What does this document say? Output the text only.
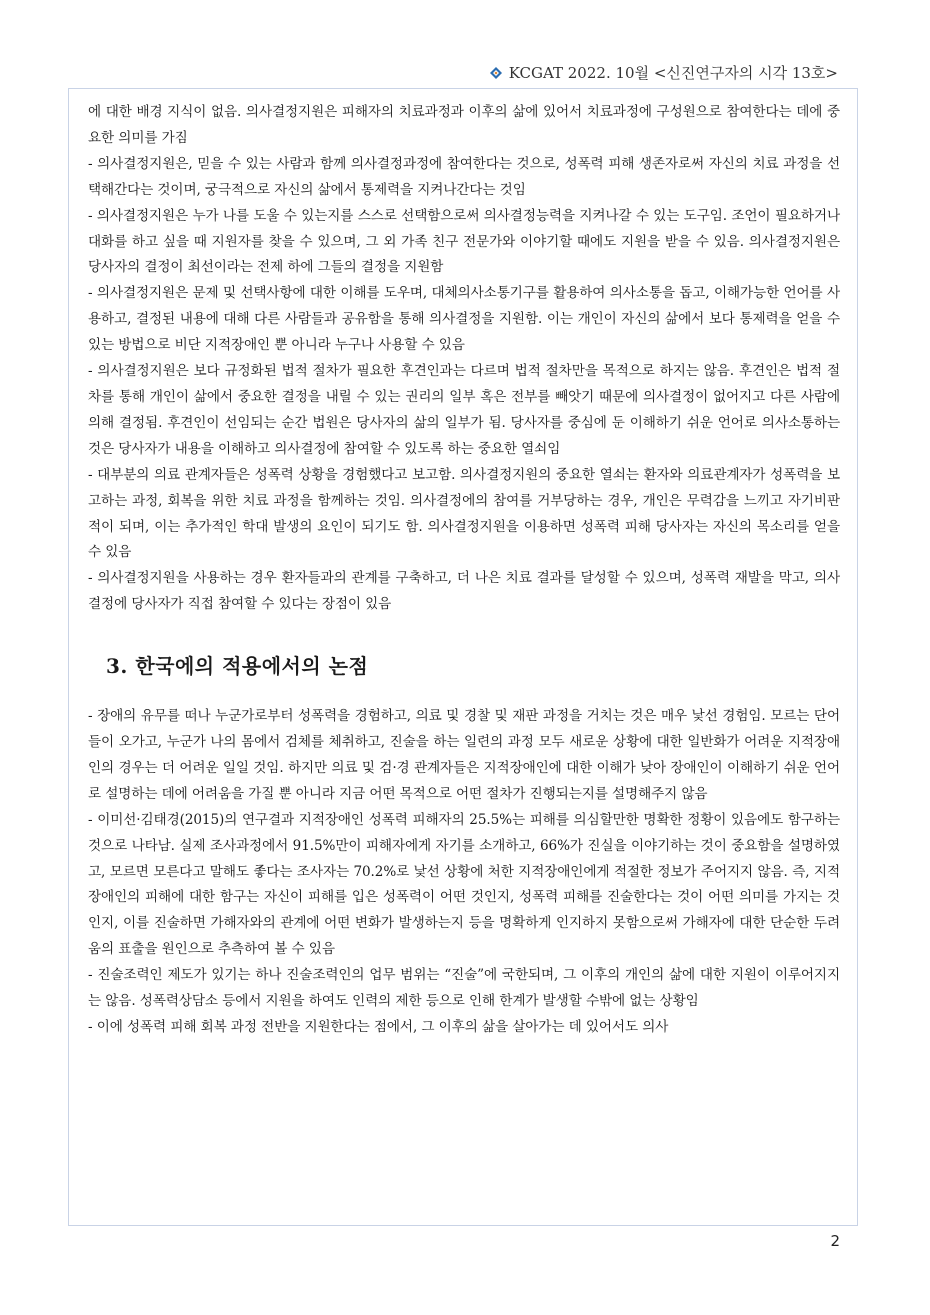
KCGAT 2022. 10월 <신진연구자의 시각 13호>

에 대한 배경 지식이 없음. 의사결정지원은 피해자의 치료과정과 이후의 삶에 있어서 치료과정에 구성원으로 참여한다는 데에 중요한 의미를 가짐

- 의사결정지원은, 믿을 수 있는 사람과 함께 의사결정과정에 참여한다는 것으로, 성폭력 피해 생존자로써 자신의 치료 과정을 선택해간다는 것이며, 궁극적으로 자신의 삶에서 통제력을 지켜나간다는 것임

- 의사결정지원은 누가 나를 도울 수 있는지를 스스로 선택함으로써 의사결정능력을 지켜나갈 수 있는 도구임. 조언이 필요하거나 대화를 하고 싶을 때 지원자를 찾을 수 있으며, 그 외 가족 친구 전문가와 이야기할 때에도 지원을 받을 수 있음. 의사결정지원은 당사자의 결정이 최선이라는 전제 하에 그들의 결정을 지원함

- 의사결정지원은 문제 및 선택사항에 대한 이해를 도우며, 대체의사소통기구를 활용하여 의사소통을 돕고, 이해가능한 언어를 사용하고, 결정된 내용에 대해 다른 사람들과 공유함을 통해 의사결정을 지원함. 이는 개인이 자신의 삶에서 보다 통제력을 얻을 수 있는 방법으로 비단 지적장애인 뿐 아니라 누구나 사용할 수 있음

- 의사결정지원은 보다 규정화된 법적 절차가 필요한 후견인과는 다르며 법적 절차만을 목적으로 하지는 않음. 후견인은 법적 절차를 통해 개인이 삶에서 중요한 결정을 내릴 수 있는 권리의 일부 혹은 전부를 빼앗기 때문에 의사결정이 없어지고 다른 사람에 의해 결정됨. 후견인이 선임되는 순간 법원은 당사자의 삶의 일부가 됨. 당사자를 중심에 둔 이해하기 쉬운 언어로 의사소통하는 것은 당사자가 내용을 이해하고 의사결정에 참여할 수 있도록 하는 중요한 열쇠임

- 대부분의 의료 관계자들은 성폭력 상황을 경험했다고 보고함. 의사결정지원의 중요한 열쇠는 환자와 의료관계자가 성폭력을 보고하는 과정, 회복을 위한 치료 과정을 함께하는 것임. 의사결정에의 참여를 거부당하는 경우, 개인은 무력감을 느끼고 자기비판적이 되며, 이는 추가적인 학대 발생의 요인이 되기도 함. 의사결정지원을 이용하면 성폭력 피해 당사자는 자신의 목소리를 얻을 수 있음

- 의사결정지원을 사용하는 경우 환자들과의 관계를 구축하고, 더 나은 치료 결과를 달성할 수 있으며, 성폭력 재발을 막고, 의사결정에 당사자가 직접 참여할 수 있다는 장점이 있음

3. 한국에의 적용에서의 논점

- 장애의 유무를 떠나 누군가로부터 성폭력을 경험하고, 의료 및 경찰 및 재판 과정을 거치는 것은 매우 낯선 경험임. 모르는 단어들이 오가고, 누군가 나의 몸에서 검체를 체취하고, 진술을 하는 일련의 과정 모두 새로운 상황에 대한 일반화가 어려운 지적장애인의 경우는 더 어려운 일일 것임. 하지만 의료 및 검·경 관계자들은 지적장애인에 대한 이해가 낮아 장애인이 이해하기 쉬운 언어로 설명하는 데에 어려움을 가질 뿐 아니라 지금 어떤 목적으로 어떤 절차가 진행되는지를 설명해주지 않음

- 이미선·김태경(2015)의 연구결과 지적장애인 성폭력 피해자의 25.5%는 피해를 의심할만한 명확한 정황이 있음에도 함구하는 것으로 나타남. 실제 조사과정에서 91.5%만이 피해자에게 자기를 소개하고, 66%가 진실을 이야기하는 것이 중요함을 설명하였고, 모르면 모른다고 말해도 좋다는 조사자는 70.2%로 낯선 상황에 처한 지적장애인에게 적절한 정보가 주어지지 않음. 즉, 지적장애인의 피해에 대한 함구는 자신이 피해를 입은 성폭력이 어떤 것인지, 성폭력 피해를 진술한다는 것이 어떤 의미를 가지는 것인지, 이를 진술하면 가해자와의 관계에 어떤 변화가 발생하는지 등을 명확하게 인지하지 못함으로써 가해자에 대한 단순한 두려움의 표출을 원인으로 추측하여 볼 수 있음

- 진술조력인 제도가 있기는 하나 진술조력인의 업무 범위는 “진술”에 국한되며, 그 이후의 개인의 삶에 대한 지원이 이루어지지는 않음. 성폭력상담소 등에서 지원을 하여도 인력의 제한 등으로 인해 한계가 발생할 수밖에 없는 상황임

- 이에 성폭력 피해 회복 과정 전반을 지원한다는 점에서, 그 이후의 삶을 살아가는 데 있어서도 의사

2
